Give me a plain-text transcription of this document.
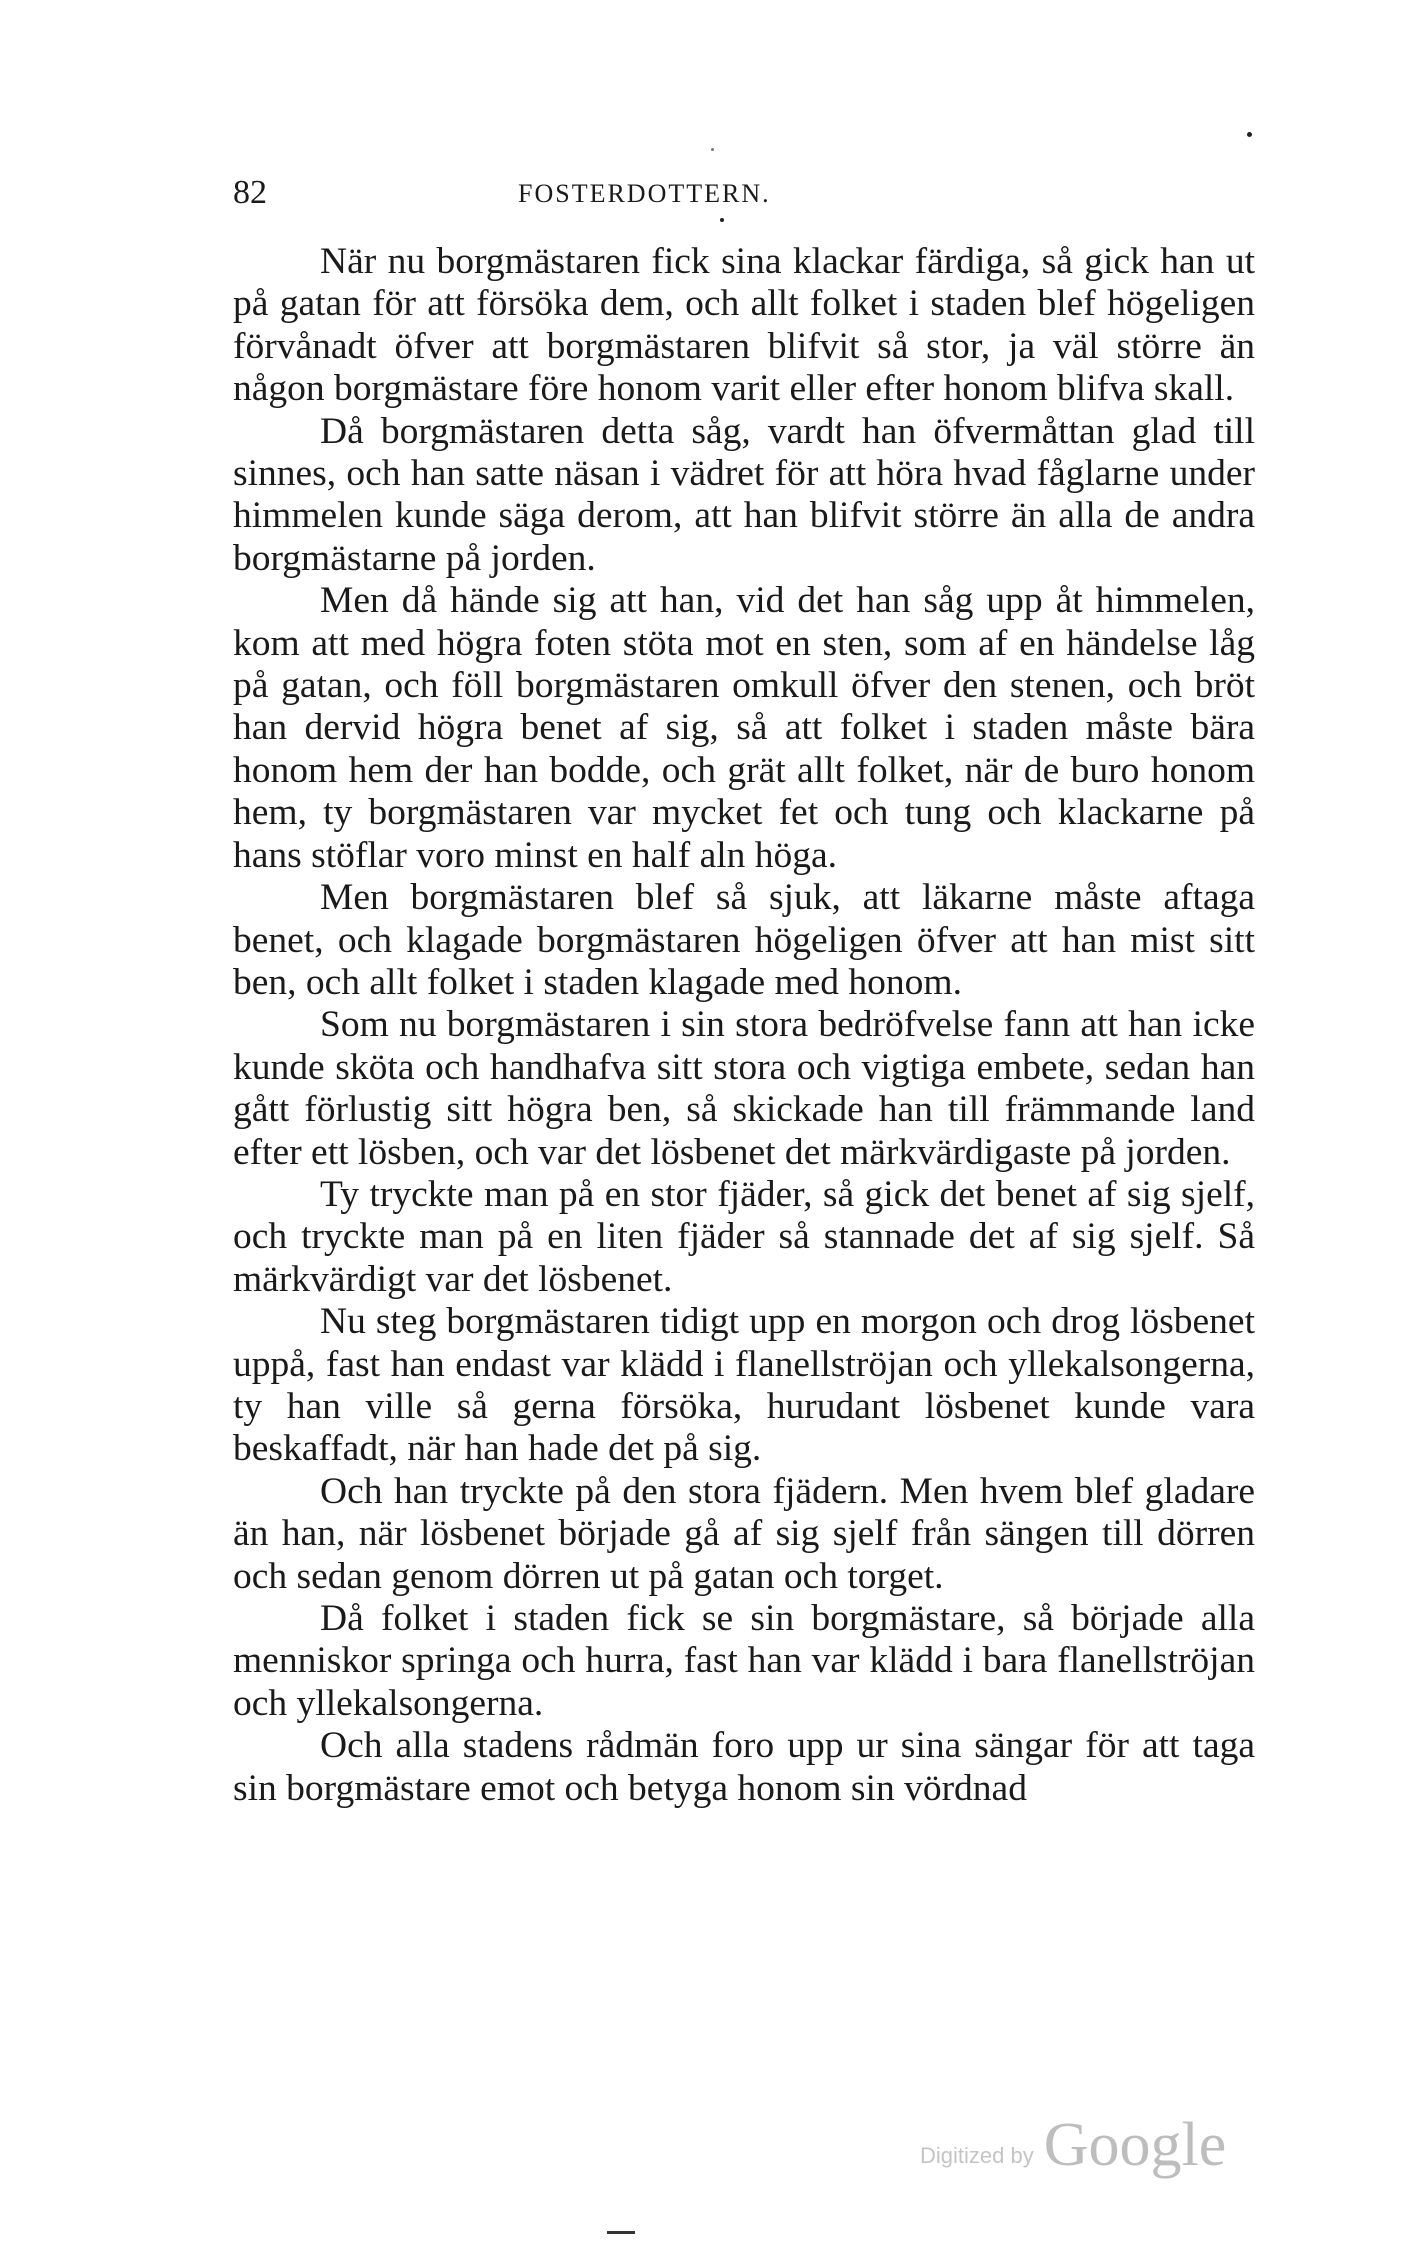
82	FOSTERDOTTERN.

När nu borgmästaren fick sina klackar färdiga, så gick han ut på gatan för att försöka dem, och allt folket i staden blef högeligen förvånadt öfver att borgmästaren blifvit så stor, ja väl större än någon borgmästare före honom varit eller efter honom blifva skall.

Då borgmästaren detta såg, vardt han öfvermåttan glad till sinnes, och han satte näsan i vädret för att höra hvad fåglarne under himmelen kunde säga derom, att han blifvit större än alla de andra borgmästarne på jorden.

Men då hände sig att han, vid det han såg upp åt himmelen, kom att med högra foten stöta mot en sten, som af en händelse låg på gatan, och föll borgmästaren omkull öfver den stenen, och bröt han dervid högra benet af sig, så att folket i staden måste bära honom hem der han bodde, och grät allt folket, när de buro honom hem, ty borgmästaren var mycket fet och tung och klackarne på hans stöflar voro minst en half aln höga.

Men borgmästaren blef så sjuk, att läkarne måste aftaga benet, och klagade borgmästaren högeligen öfver att han mist sitt ben, och allt folket i staden klagade med honom.

Som nu borgmästaren i sin stora bedröfvelse fann att han icke kunde sköta och handhafva sitt stora och vigtiga embete, sedan han gått förlustig sitt högra ben, så skickade han till främmande land efter ett lösben, och var det lösbenet det märkvärdigaste på jorden.

Ty tryckte man på en stor fjäder, så gick det benet af sig sjelf, och tryckte man på en liten fjäder så stannade det af sig sjelf. Så märkvärdigt var det lösbenet.

Nu steg borgmästaren tidigt upp en morgon och drog lösbenet uppå, fast han endast var klädd i flanellströjan och yllekalsongerna, ty han ville så gerna försöka, hurudant lösbenet kunde vara beskaffadt, när han hade det på sig.

Och han tryckte på den stora fjädern. Men hvem blef gladare än han, när lösbenet började gå af sig sjelf från sängen till dörren och sedan genom dörren ut på gatan och torget.

Då folket i staden fick se sin borgmästare, så började alla menniskor springa och hurra, fast han var klädd i bara flanellströjan och yllekalsongerna.

Och alla stadens rådmän foro upp ur sina sängar för att taga sin borgmästare emot och betyga honom sin vördnad

Digitized by Google
